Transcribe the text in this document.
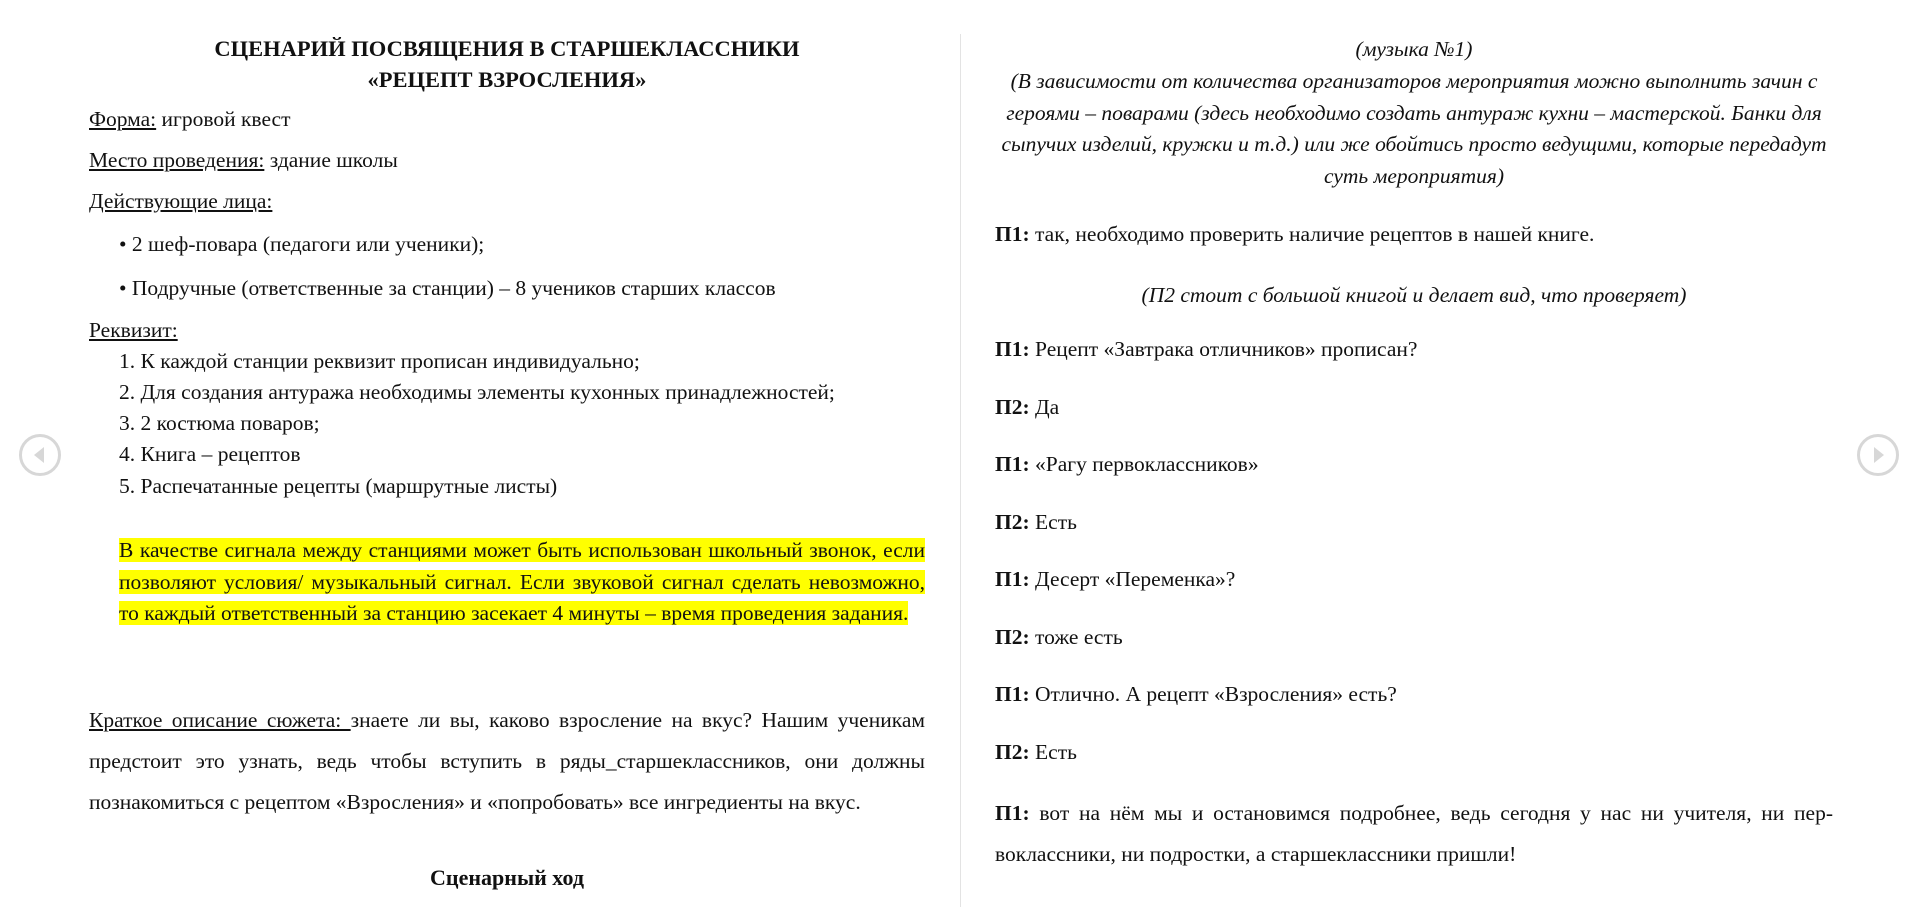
СЦЕНАРИЙ ПОСВЯЩЕНИЯ В СТАРШЕКЛАССНИКИ

«РЕЦЕПТ ВЗРОСЛЕНИЯ»

Форма: игровой квест
Место проведения: здание школы
Действующие лица:
• 2 шеф-повара (педагоги или ученики);
• Подручные (ответственные за станции) – 8 учеников старших классов
Реквизит:
1. К каждой станции реквизит прописан индивидуально;
2. Для создания антуража необходимы элементы кухонных принадлежностей;
3. 2 костюма поваров;
4. Книга – рецептов
5. Распечатанные рецепты (маршрутные листы)
В качестве сигнала между станциями может быть использован школьный звонок, если позволяют условия/ музыкальный сигнал. Если звуковой сигнал сделать невозможно, то каждый ответственный за станцию засекает 4 минуты – время проведения задания.
Краткое описание сюжета: знаете ли вы, каково взросление на вкус? Нашим ученикам предстоит это узнать, ведь чтобы вступить в ряды_старшеклассников, они должны познакомиться с рецептом «Взросления» и «попробовать» все ингредиенты на вкус.
Сценарный ход
(музыка №1)
(В зависимости от количества организаторов мероприятия можно выполнить зачин с героями – поварами (здесь необходимо создать антураж кухни – мастерской. Банки для сыпучих изделий, кружки и т.д.) или же обойтись просто ведущими, которые передадут суть мероприятия)
П1: так, необходимо проверить наличие рецептов в нашей книге.
(П2 стоит с большой книгой и делает вид, что проверяет)
П1: Рецепт «Завтрака отличников» прописан?
П2: Да
П1: «Рагу первоклассников»
П2: Есть
П1: Десерт «Переменка»?
П2: тоже есть
П1: Отлично. А рецепт «Взросления» есть?
П2: Есть
П1: вот на нём мы и остановимся подробнее, ведь сегодня у нас ни учителя, ни первоклассники, ни подростки, а старшеклассники пришли!
